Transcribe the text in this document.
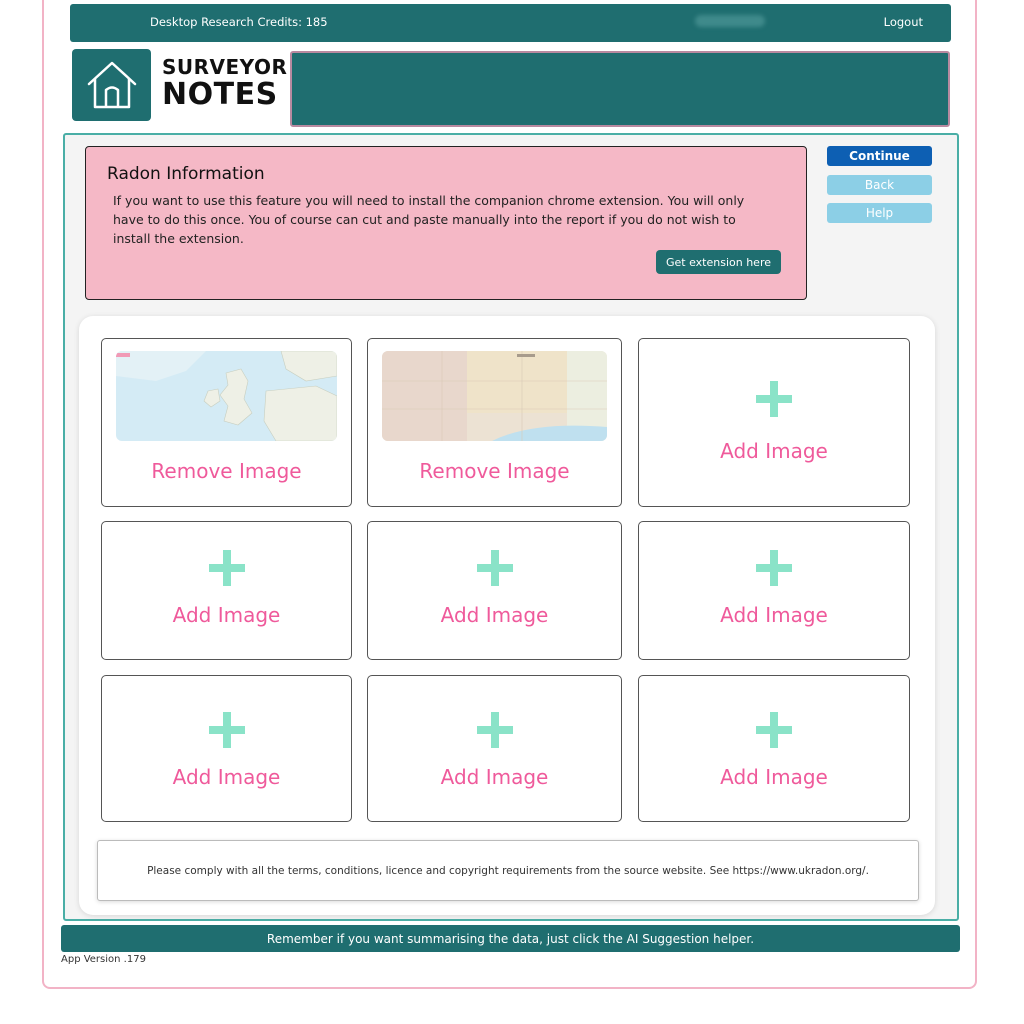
Desktop Research Credits: 185	Logout
SURVEYOR
NOTES
Radon Information
If you want to use this feature you will need to install the companion chrome extension. You will only have to do this once. You of course can cut and paste manually into the report if you do not wish to install the extension.
Get extension here
Continue
Back
Help
Remove Image	Remove Image
Add Image
Add Image	Add Image	Add Image
Add Image	Add Image	Add Image
Please comply with all the terms, conditions, licence and copyright requirements from the source website. See https://www.ukradon.org/.
Remember if you want summarising the data, just click the AI Suggestion helper.
App Version .179
